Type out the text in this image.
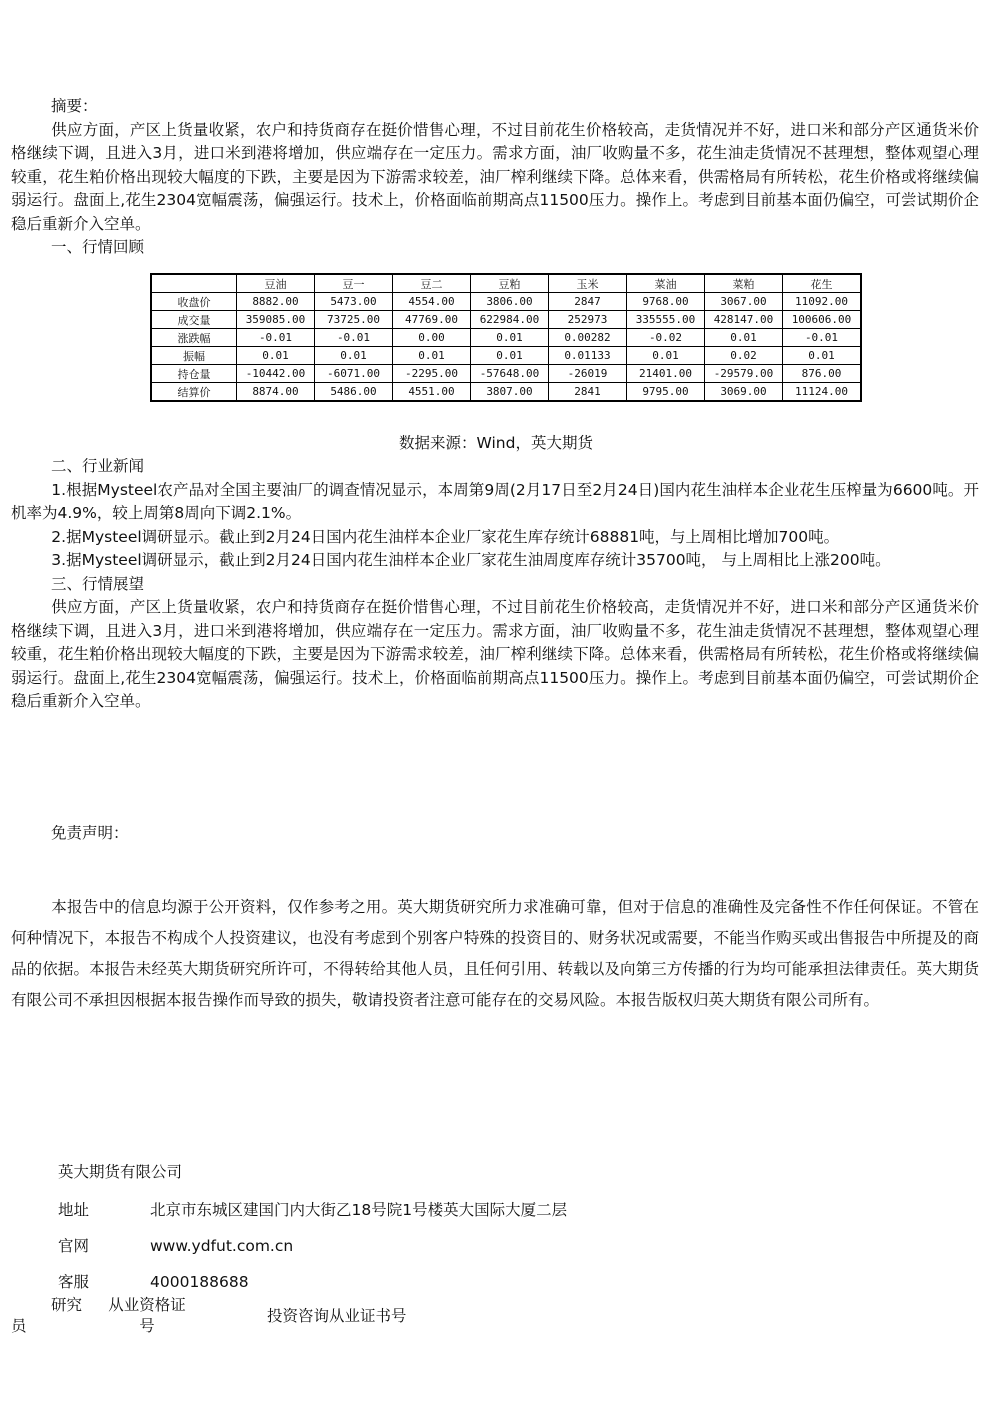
摘要：

供应方面，产区上货量收紧，农户和持货商存在挺价惜售心理，不过目前花生价格较高，走货情况并不好，进口米和部分产区通货米价格继续下调，且进入3月，进口米到港将增加，供应端存在一定压力。需求方面，油厂收购量不多，花生油走货情况不甚理想，整体观望心理较重，花生粕价格出现较大幅度的下跌，主要是因为下游需求较差，油厂榨利继续下降。总体来看，供需格局有所转松，花生价格或将继续偏弱运行。盘面上,花生2304宽幅震荡，偏强运行。技术上，价格面临前期高点11500压力。操作上。考虑到目前基本面仍偏空，可尝试期价企稳后重新介入空单。

一、行情回顾

	豆油	豆一	豆二	豆粕	玉米	菜油	菜粕	花生
收盘价	8882.00	5473.00	4554.00	3806.00	2847	9768.00	3067.00	11092.00
成交量	359085.00	73725.00	47769.00	622984.00	252973	335555.00	428147.00	100606.00
涨跌幅	-0.01	-0.01	0.00	0.01	0.00282	-0.02	0.01	-0.01
振幅	0.01	0.01	0.01	0.01	0.01133	0.01	0.02	0.01
持仓量	-10442.00	-6071.00	-2295.00	-57648.00	-26019	21401.00	-29579.00	876.00
结算价	8874.00	5486.00	4551.00	3807.00	2841	9795.00	3069.00	11124.00
数据来源：Wind，英大期货

二、行业新闻

1.根据Mysteel农产品对全国主要油厂的调查情况显示，本周第9周(2月17日至2月24日)国内花生油样本企业花生压榨量为6600吨。开机率为4.9%，较上周第8周向下调2.1%。

2.据Mysteel调研显示。截止到2月24日国内花生油样本企业厂家花生库存统计68881吨，与上周相比增加700吨。

3.据Mysteel调研显示，截止到2月24日国内花生油样本企业厂家花生油周度库存统计35700吨， 与上周相比上涨200吨。

三、行情展望

供应方面，产区上货量收紧，农户和持货商存在挺价惜售心理，不过目前花生价格较高，走货情况并不好，进口米和部分产区通货米价格继续下调，且进入3月，进口米到港将增加，供应端存在一定压力。需求方面，油厂收购量不多，花生油走货情况不甚理想，整体观望心理较重，花生粕价格出现较大幅度的下跌，主要是因为下游需求较差，油厂榨利继续下降。总体来看，供需格局有所转松，花生价格或将继续偏弱运行。盘面上,花生2304宽幅震荡，偏强运行。技术上，价格面临前期高点11500压力。操作上。考虑到目前基本面仍偏空，可尝试期价企稳后重新介入空单。

免责声明：

本报告中的信息均源于公开资料，仅作参考之用。英大期货研究所力求准确可靠，但对于信息的准确性及完备性不作任何保证。不管在何种情况下，本报告不构成个人投资建议，也没有考虑到个别客户特殊的投资目的、财务状况或需要，不能当作购买或出售报告中所提及的商品的依据。本报告未经英大期货研究所许可，不得转给其他人员，且任何引用、转载以及向第三方传播的行为均可能承担法律责任。英大期货有限公司不承担因根据本报告操作而导致的损失，敬请投资者注意可能存在的交易风险。本报告版权归英大期货有限公司所有。

英大期货有限公司
地址	北京市东城区建国门内大街乙18号院1号楼英大国际大厦二层
官网	www.ydfut.com.cn
客服	4000188688
研究
员
从业资格证
号
投资咨询从业证书号
